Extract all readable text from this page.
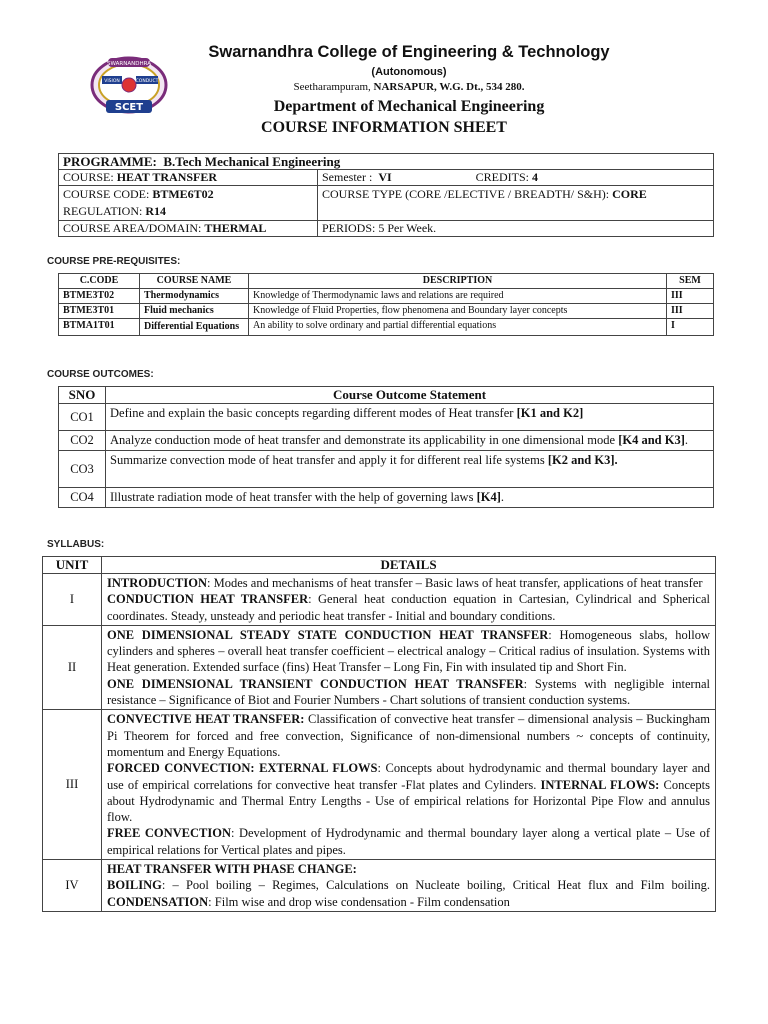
SWARNANDHRA
VISION	CONDUCT
SCET
Swarnandhra College of Engineering & Technology
(Autonomous)
Seetharampuram, NARSAPUR, W.G. Dt., 534 280.
Department of Mechanical Engineering
COURSE INFORMATION SHEET
PROGRAMME: B.Tech Mechanical Engineering	
COURSE: HEAT TRANSFER	Semester : VI CREDITS: 4
COURSE CODE: BTME6T02
REGULATION: R14	COURSE TYPE (CORE /ELECTIVE / BREADTH/ S&H): CORE
COURSE AREA/DOMAIN: THERMAL	PERIODS: 5 Per Week.
COURSE PRE-REQUISITES:
C.CODE	COURSE NAME	DESCRIPTION	SEM
BTME3T02	Thermodynamics	Knowledge of Thermodynamic laws and relations are required	III
BTME3T01	Fluid mechanics	Knowledge of Fluid Properties, flow phenomena and Boundary layer concepts	III
BTMA1T01	Differential Equations	An ability to solve ordinary and partial differential equations	I
COURSE OUTCOMES:
SNO	Course Outcome Statement
CO1	Define and explain the basic concepts regarding different modes of Heat transfer [K1 and K2]
CO2	Analyze conduction mode of heat transfer and demonstrate its applicability in one dimensional mode [K4 and K3].
CO3	Summarize convection mode of heat transfer and apply it for different real life systems [K2 and K3].
CO4	Illustrate radiation mode of heat transfer with the help of governing laws [K4].
SYLLABUS:
UNIT	DETAILS
I	INTRODUCTION: Modes and mechanisms of heat transfer – Basic laws of heat transfer, applications of heat transfer
CONDUCTION HEAT TRANSFER: General heat conduction equation in Cartesian, Cylindrical and Spherical coordinates. Steady, unsteady and periodic heat transfer - Initial and boundary conditions.
II	ONE DIMENSIONAL STEADY STATE CONDUCTION HEAT TRANSFER: Homogeneous slabs, hollow cylinders and spheres – overall heat transfer coefficient – electrical analogy – Critical radius of insulation. Systems with Heat generation. Extended surface (fins) Heat Transfer – Long Fin, Fin with insulated tip and Short Fin.
ONE DIMENSIONAL TRANSIENT CONDUCTION HEAT TRANSFER: Systems with negligible internal resistance – Significance of Biot and Fourier Numbers - Chart solutions of transient conduction systems.
III	CONVECTIVE HEAT TRANSFER: Classification of convective heat transfer – dimensional analysis – Buckingham Pi Theorem for forced and free convection, Significance of non-dimensional numbers ~ concepts of continuity, momentum and Energy Equations.
FORCED CONVECTION: EXTERNAL FLOWS: Concepts about hydrodynamic and thermal boundary layer and use of empirical correlations for convective heat transfer -Flat plates and Cylinders. INTERNAL FLOWS: Concepts about Hydrodynamic and Thermal Entry Lengths - Use of empirical relations for Horizontal Pipe Flow and annulus flow.
FREE CONVECTION: Development of Hydrodynamic and thermal boundary layer along a vertical plate – Use of empirical relations for Vertical plates and pipes.
IV	HEAT TRANSFER WITH PHASE CHANGE:
BOILING: – Pool boiling – Regimes, Calculations on Nucleate boiling, Critical Heat flux and Film boiling. CONDENSATION: Film wise and drop wise condensation - Film condensation
